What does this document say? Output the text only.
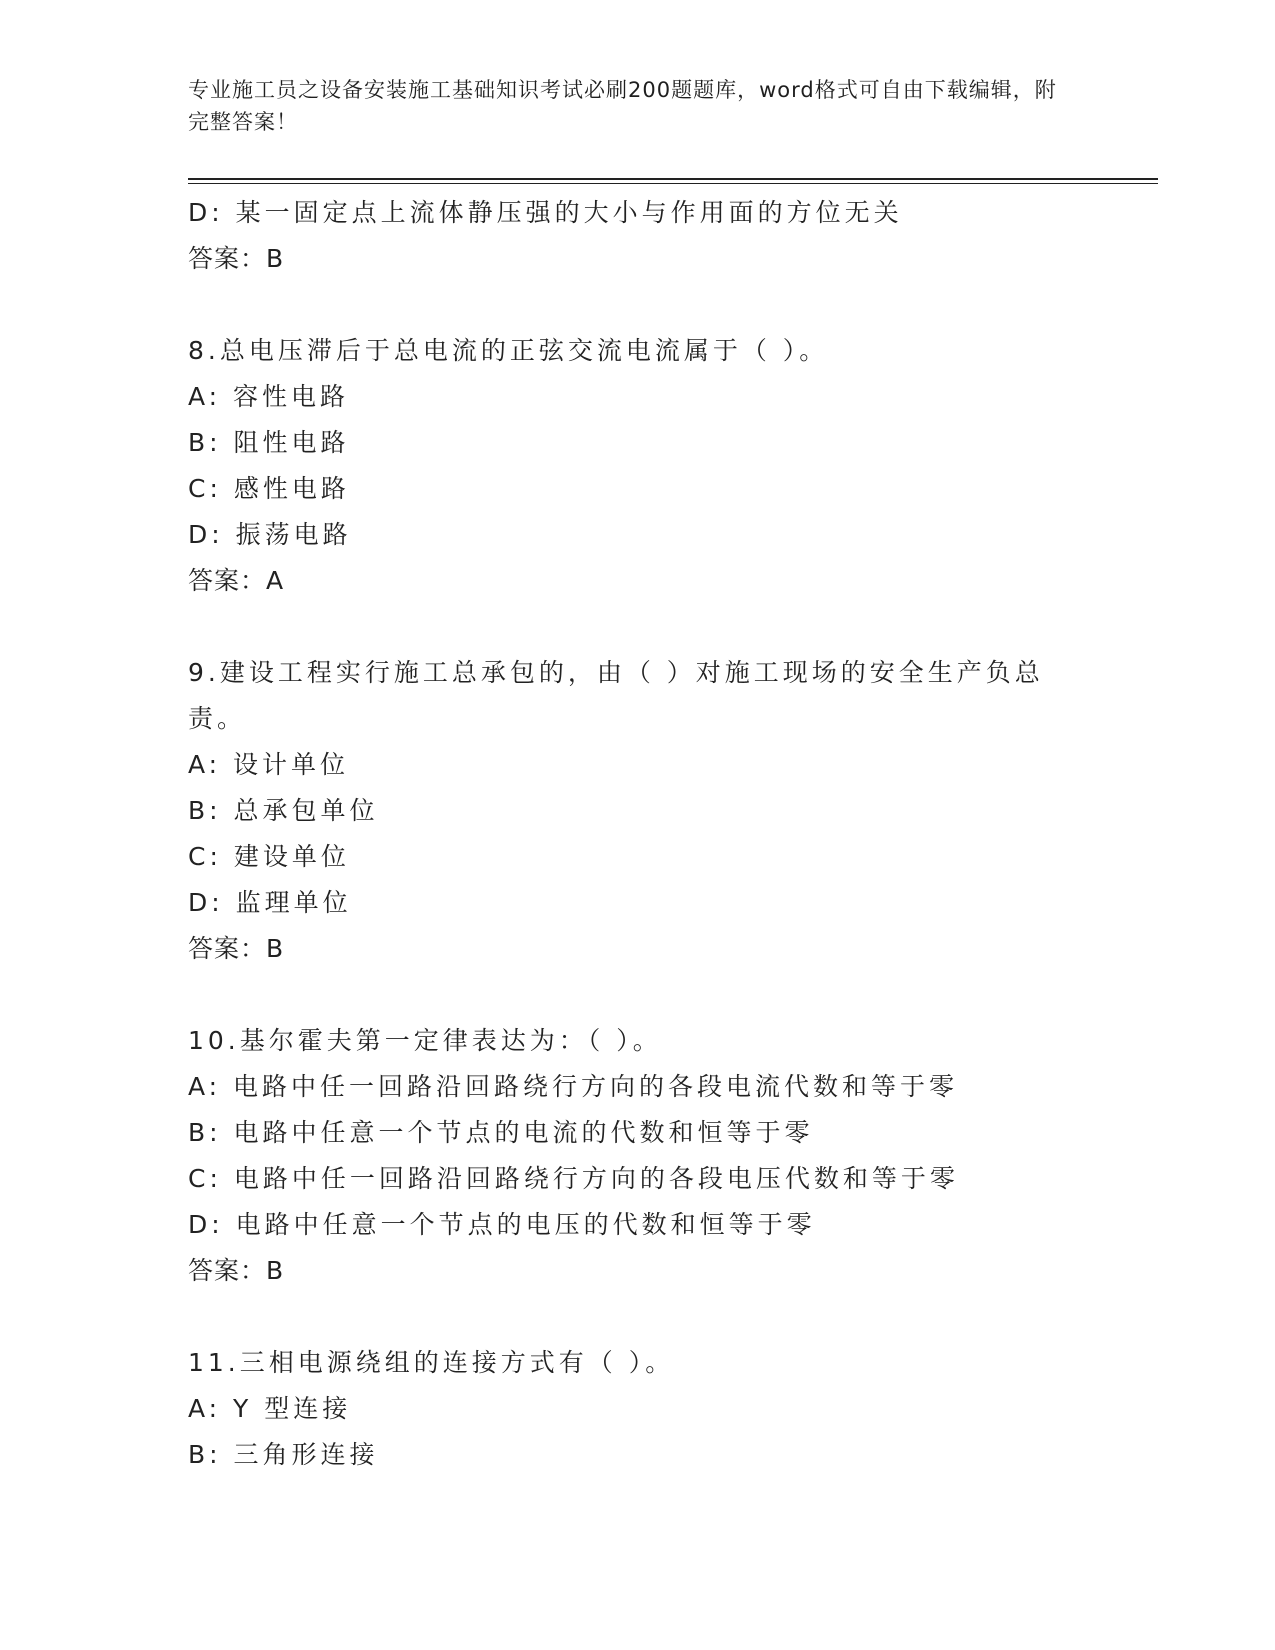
专业施工员之设备安装施工基础知识考试必刷200题题库，word格式可自由下载编辑，附完整答案！
D: 某一固定点上流体静压强的大小与作用面的方位无关
答案：B
8.总电压滞后于总电流的正弦交流电流属于（ ）。
A: 容性电路
B: 阻性电路
C: 感性电路
D: 振荡电路
答案：A
9.建设工程实行施工总承包的，由（ ）对施工现场的安全生产负总责。
A: 设计单位
B: 总承包单位
C: 建设单位
D: 监理单位
答案：B
10.基尔霍夫第一定律表达为：（ ）。
A: 电路中任一回路沿回路绕行方向的各段电流代数和等于零
B: 电路中任意一个节点的电流的代数和恒等于零
C: 电路中任一回路沿回路绕行方向的各段电压代数和等于零
D: 电路中任意一个节点的电压的代数和恒等于零
答案：B
11.三相电源绕组的连接方式有（ ）。
A: Y 型连接
B: 三角形连接
